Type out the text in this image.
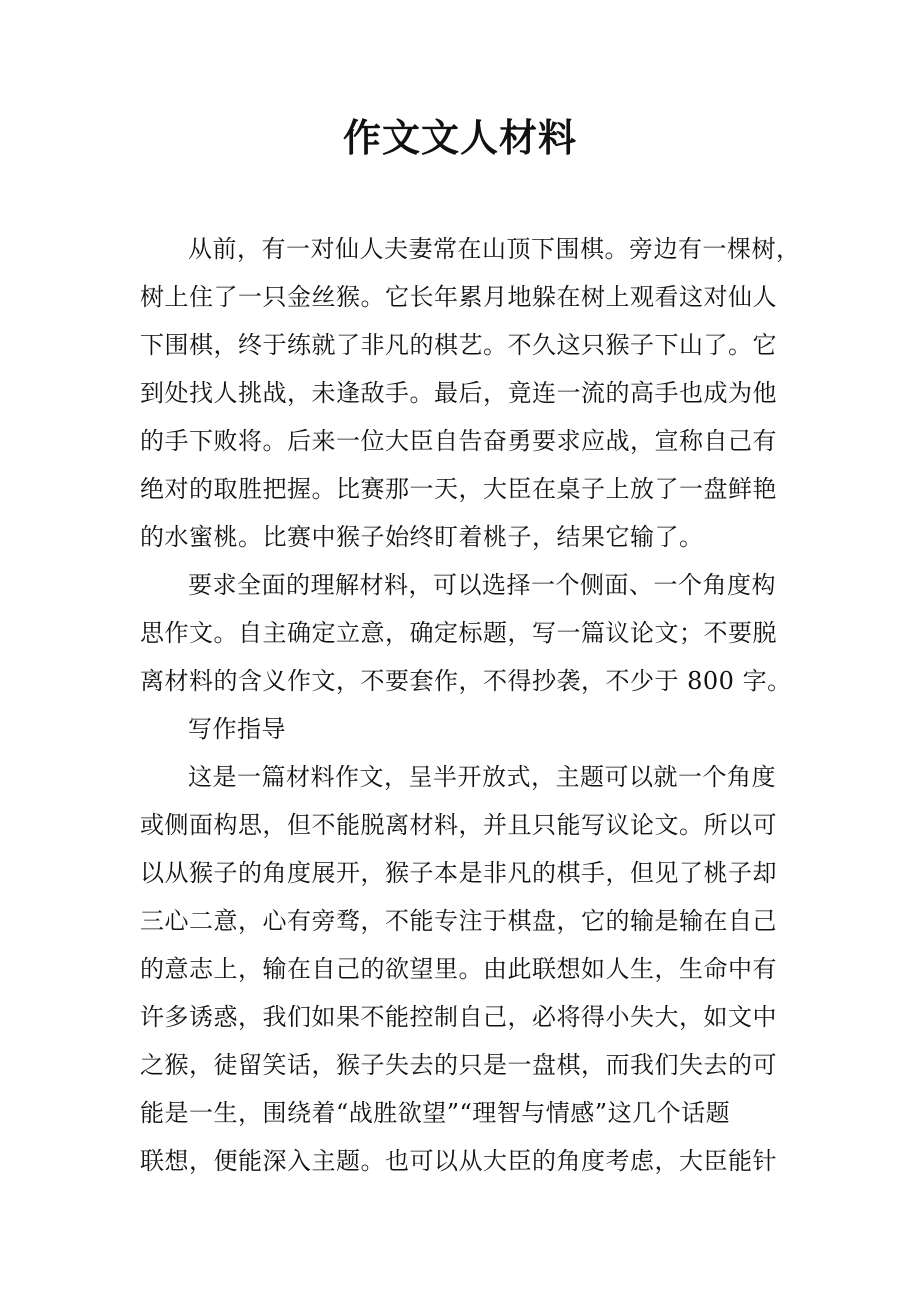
作文文人材料
从前，有一对仙人夫妻常在山顶下围棋。旁边有一棵树，
树上住了一只金丝猴。它长年累月地躲在树上观看这对仙人
下围棋，终于练就了非凡的棋艺。不久这只猴子下山了。它
到处找人挑战，未逢敌手。最后，竟连一流的高手也成为他
的手下败将。后来一位大臣自告奋勇要求应战，宣称自己有
绝对的取胜把握。比赛那一天，大臣在桌子上放了一盘鲜艳
的水蜜桃。比赛中猴子始终盯着桃子，结果它输了。
要求全面的理解材料，可以选择一个侧面、一个角度构
思作文。自主确定立意，确定标题，写一篇议论文；不要脱
离材料的含义作文，不要套作，不得抄袭，不少于 800 字。
写作指导
这是一篇材料作文，呈半开放式，主题可以就一个角度
或侧面构思，但不能脱离材料，并且只能写议论文。所以可
以从猴子的角度展开，猴子本是非凡的棋手，但见了桃子却
三心二意，心有旁骛，不能专注于棋盘，它的输是输在自己
的意志上，输在自己的欲望里。由此联想如人生，生命中有
许多诱惑，我们如果不能控制自己，必将得小失大，如文中
之猴，徒留笑话，猴子失去的只是一盘棋，而我们失去的可
能是一生，围绕着“战胜欲望”“理智与情感”这几个话题
联想，便能深入主题。也可以从大臣的角度考虑，大臣能针
